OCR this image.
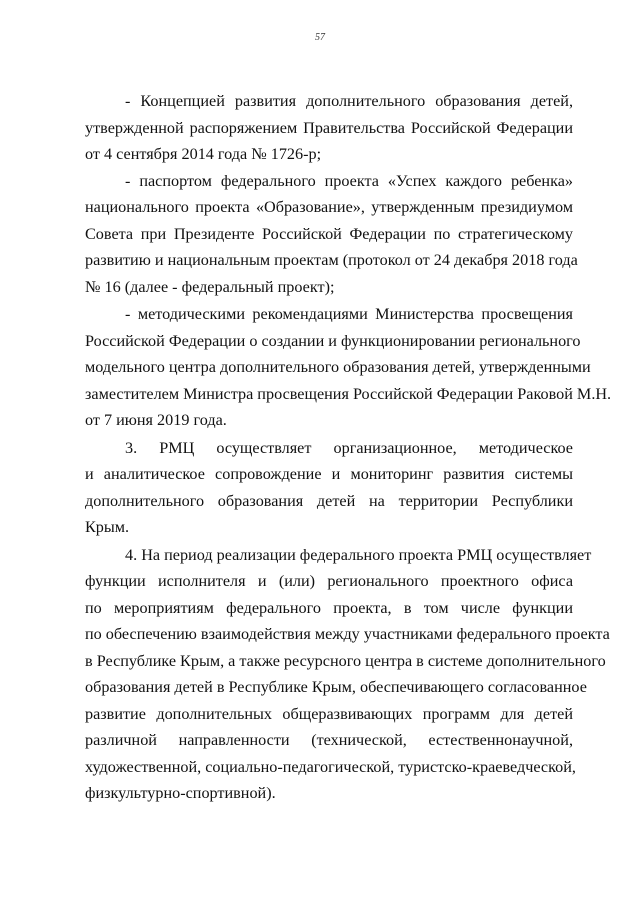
57
- Концепцией развития дополнительного образования детей,
утвержденной распоряжением Правительства Российской Федерации
от 4 сентября 2014 года № 1726-р;
- паспортом федерального проекта «Успех каждого ребенка»
национального проекта «Образование», утвержденным президиумом
Совета при Президенте Российской Федерации по стратегическому
развитию и национальным проектам (протокол от 24 декабря 2018 года
№ 16 (далее - федеральный проект);
- методическими рекомендациями Министерства просвещения
Российской Федерации о создании и функционировании регионального
модельного центра дополнительного образования детей, утвержденными
заместителем Министра просвещения Российской Федерации Раковой М.Н.
от 7 июня 2019 года.
3. РМЦ осуществляет организационное, методическое
и аналитическое сопровождение и мониторинг развития системы
дополнительного образования детей на территории Республики
Крым.
4. На период реализации федерального проекта РМЦ осуществляет
функции исполнителя и (или) регионального проектного офиса
по мероприятиям федерального проекта, в том числе функции
по обеспечению взаимодействия между участниками федерального проекта
в Республике Крым, а также ресурсного центра в системе дополнительного
образования детей в Республике Крым, обеспечивающего согласованное
развитие дополнительных общеразвивающих программ для детей
различной направленности (технической, естественнонаучной,
художественной, социально-педагогической, туристско-краеведческой,
физкультурно-спортивной).
